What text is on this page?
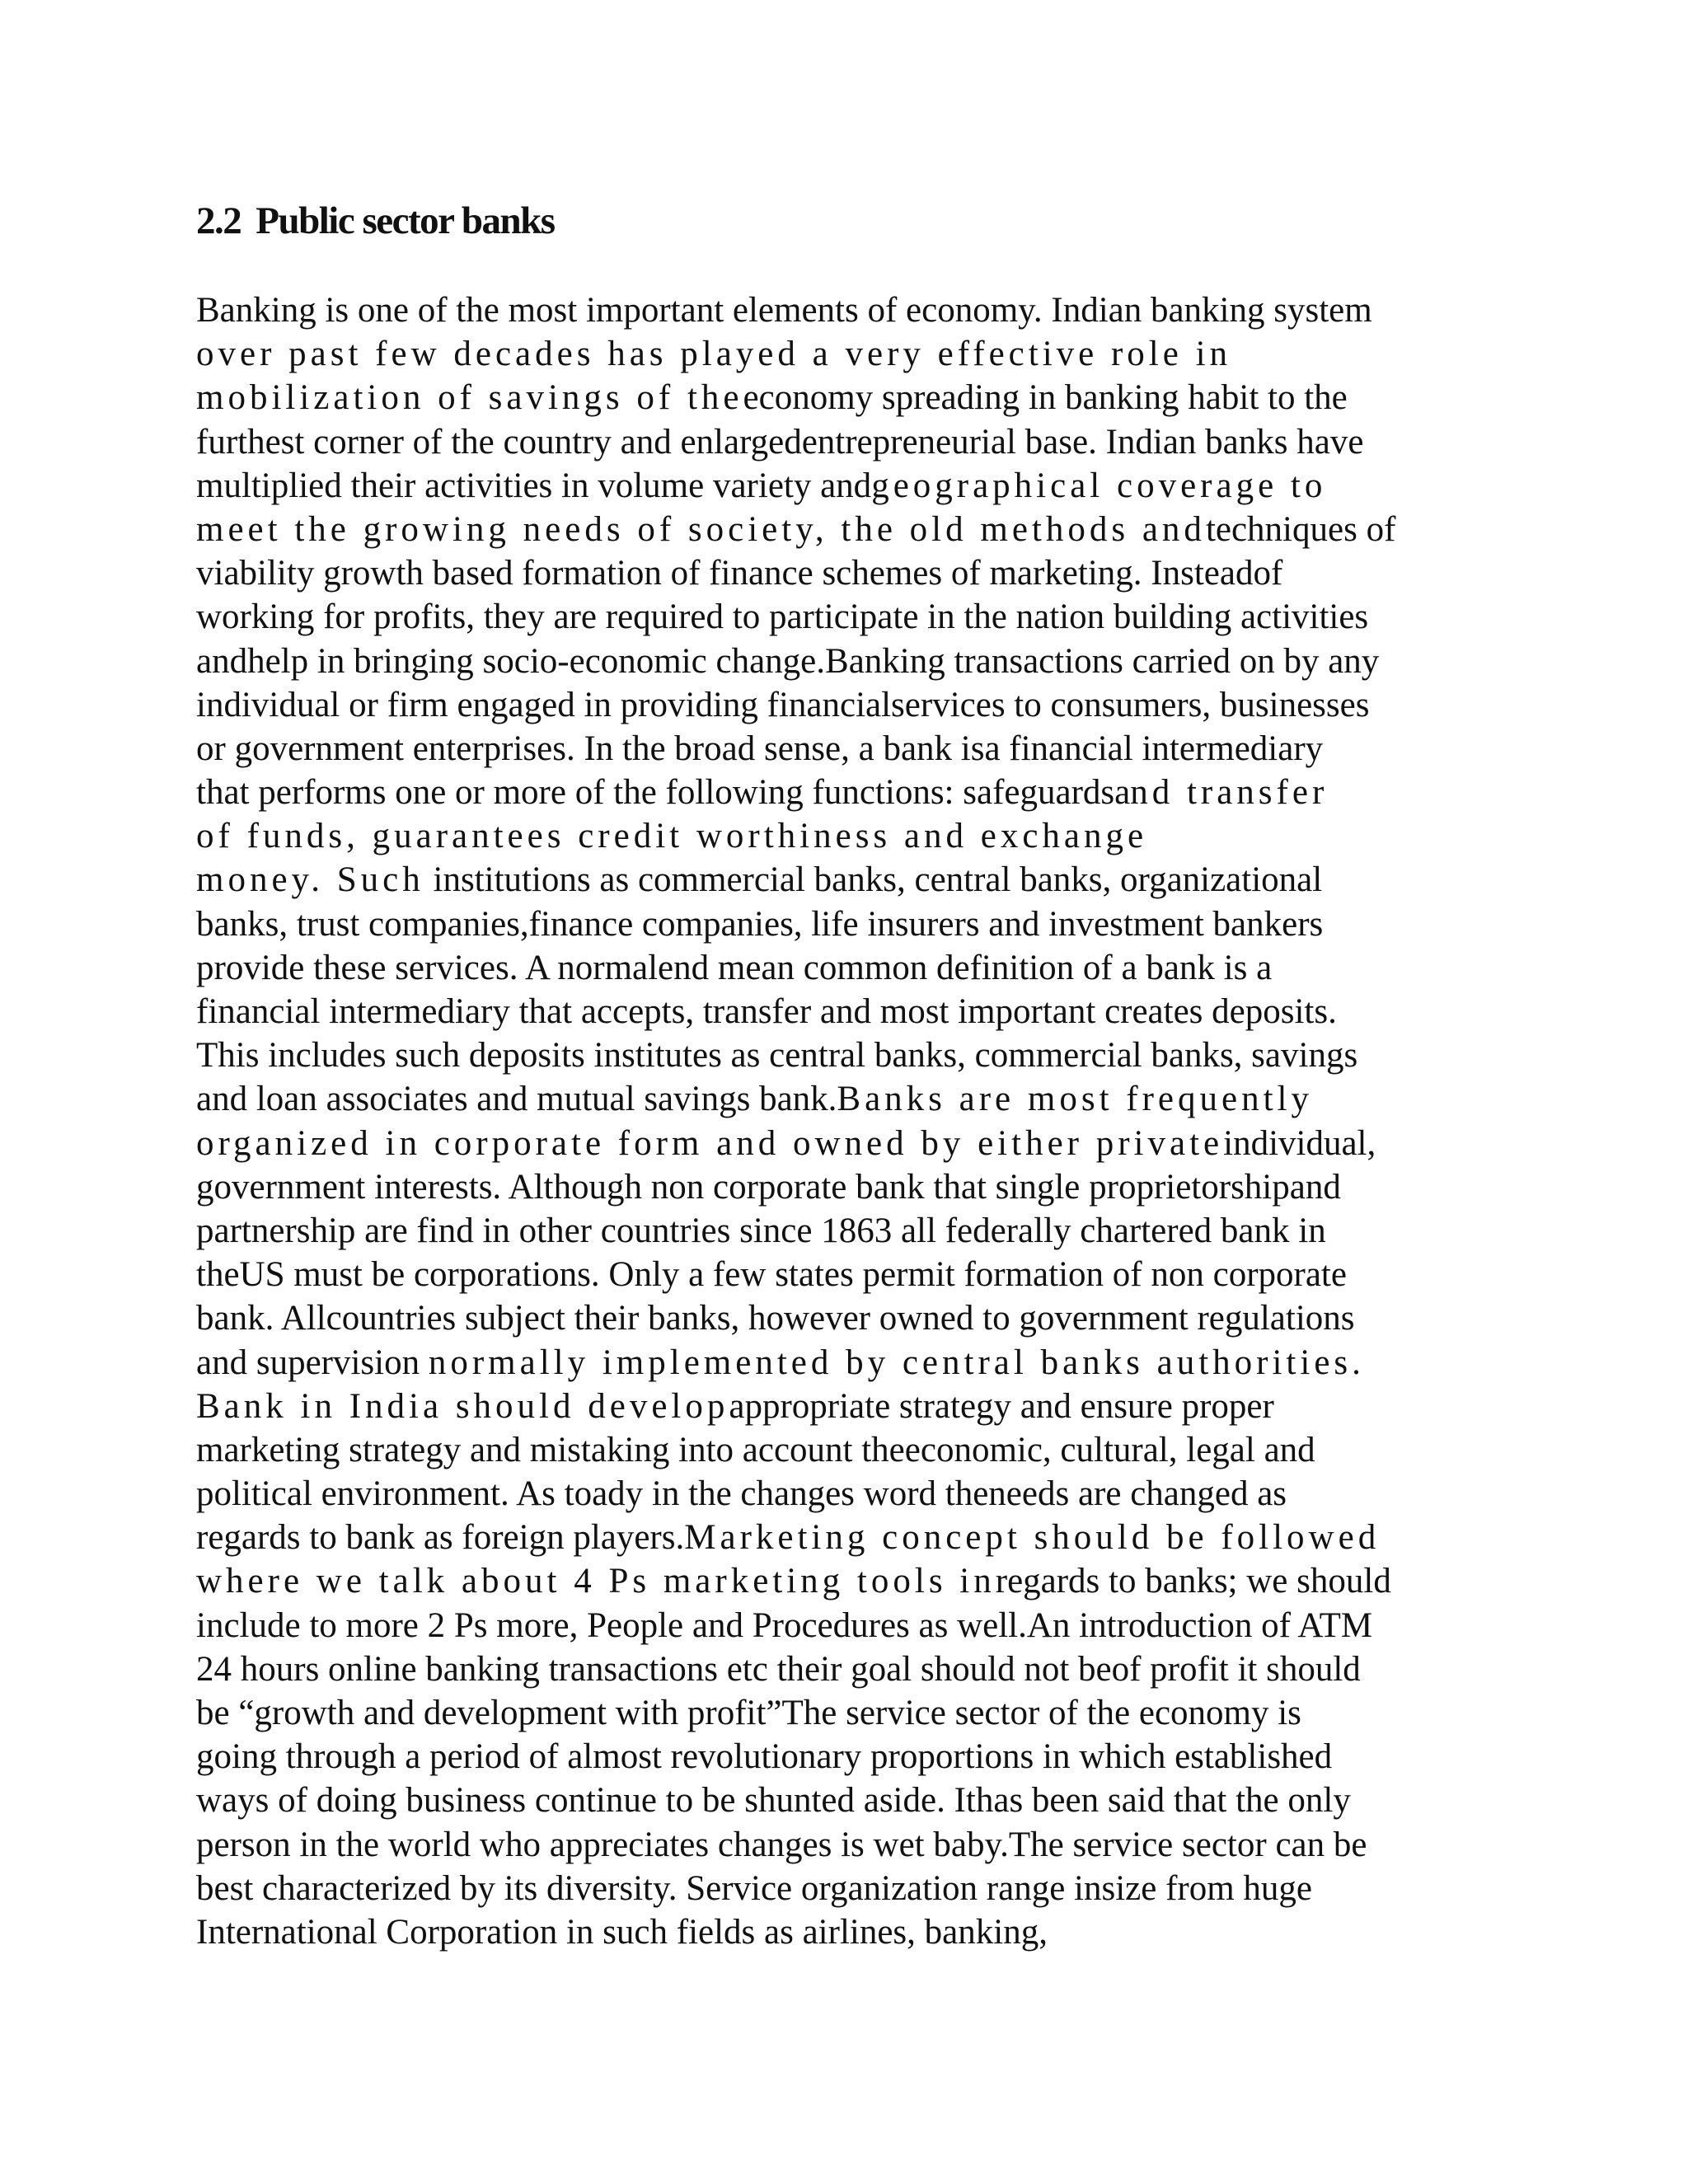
2.2 Public sector banks
Banking is one of the most important elements of economy. Indian banking system
over past few decades has played a very effective role in
mobilization of savings of theeconomy spreading in banking habit to the
furthest corner of the country and enlargedentrepreneurial base. Indian banks have
multiplied their activities in volume variety andgeographical coverage to
meet the growing needs of society, the old methods andtechniques of
viability growth based formation of finance schemes of marketing. Insteadof
working for profits, they are required to participate in the nation building activities
andhelp in bringing socio-economic change.Banking transactions carried on by any
individual or firm engaged in providing financialservices to consumers, businesses
or government enterprises. In the broad sense, a bank isa financial intermediary
that performs one or more of the following functions: safeguardsand transfer
of funds, guarantees credit worthiness and exchange
money. Such institutions as commercial banks, central banks, organizational
banks, trust companies,finance companies, life insurers and investment bankers
provide these services. A normalend mean common definition of a bank is a
financial intermediary that accepts, transfer and most important creates deposits.
This includes such deposits institutes as central banks, commercial banks, savings
and loan associates and mutual savings bank.Banks are most frequently
organized in corporate form and owned by either privateindividual,
government interests. Although non corporate bank that single proprietorshipand
partnership are find in other countries since 1863 all federally chartered bank in
theUS must be corporations. Only a few states permit formation of non corporate
bank. Allcountries subject their banks, however owned to government regulations
and supervision normally implemented by central banks authorities.
Bank in India should developappropriate strategy and ensure proper
marketing strategy and mistaking into account theeconomic, cultural, legal and
political environment. As toady in the changes word theneeds are changed as
regards to bank as foreign players.Marketing concept should be followed
where we talk about 4 Ps marketing tools inregards to banks; we should
include to more 2 Ps more, People and Procedures as well.An introduction of ATM
24 hours online banking transactions etc their goal should not beof profit it should
be “growth and development with profit”The service sector of the economy is
going through a period of almost revolutionary proportions in which established
ways of doing business continue to be shunted aside. Ithas been said that the only
person in the world who appreciates changes is wet baby.The service sector can be
best characterized by its diversity. Service organization range insize from huge
International Corporation in such fields as airlines, banking,
